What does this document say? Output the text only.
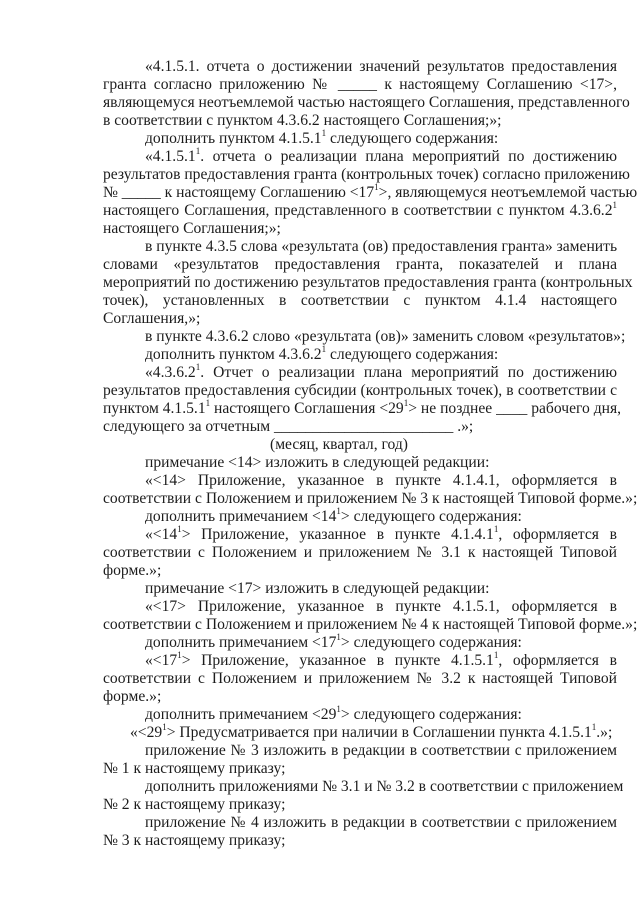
«4.1.5.1. отчета о достижении значений результатов предоставления
гранта согласно приложению № _____ к настоящему Соглашению <17>,
являющемуся неотъемлемой частью настоящего Соглашения, представленного
в соответствии с пунктом 4.3.6.2 настоящего Соглашения;»;
дополнить пунктом 4.1.5.1$^1$ следующего содержания:
«4.1.5.1$^1$. отчета о реализации плана мероприятий по достижению
результатов предоставления гранта (контрольных точек) согласно приложению
№ _____ к настоящему Соглашению $<17^1>$, являющемуся неотъемлемой частью
настоящего Соглашения, представленного в соответствии с пунктом 4.3.6.2$^1$
настоящего Соглашения;»;
в пункте 4.3.5 слова «результата (ов) предоставления гранта» заменить
словами «результатов предоставления гранта, показателей и плана
мероприятий по достижению результатов предоставления гранта (контрольных
точек), установленных в соответствии с пунктом 4.1.4 настоящего
Соглашения,»;
в пункте 4.3.6.2 слово «результата (ов)» заменить словом «результатов»;
дополнить пунктом 4.3.6.2$^1$ следующего содержания:
«4.3.6.2$^1$. Отчет о реализации плана мероприятий по достижению
результатов предоставления субсидии (контрольных точек), в соответствии с
пунктом 4.1.5.1$^1$ настоящего Соглашения $<29^1>$ не позднее ____ рабочего дня,
следующего за отчетным _______________________ .»;
(месяц, квартал, год)
примечание <14> изложить в следующей редакции:
«<14> Приложение, указанное в пункте 4.1.4.1, оформляется в
соответствии с Положением и приложением № 3 к настоящей Типовой форме.»;
дополнить примечанием $<14^1>$ следующего содержания:
«$<14^1>$ Приложение, указанное в пункте 4.1.4.1$^1$, оформляется в
соответствии с Положением и приложением № 3.1 к настоящей Типовой
форме.»;
примечание <17> изложить в следующей редакции:
«<17> Приложение, указанное в пункте 4.1.5.1, оформляется в
соответствии с Положением и приложением № 4 к настоящей Типовой форме.»;
дополнить примечанием $<17^1>$ следующего содержания:
«$<17^1>$ Приложение, указанное в пункте 4.1.5.1$^1$, оформляется в
соответствии с Положением и приложением № 3.2 к настоящей Типовой
форме.»;
дополнить примечанием $<29^1>$ следующего содержания:
«$<29^1>$ Предусматривается при наличии в Соглашении пункта 4.1.5.1$^1$.»;
приложение № 3 изложить в редакции в соответствии с приложением
№ 1 к настоящему приказу;
дополнить приложениями № 3.1 и № 3.2 в соответствии с приложением
№ 2 к настоящему приказу;
приложение № 4 изложить в редакции в соответствии с приложением
№ 3 к настоящему приказу;
